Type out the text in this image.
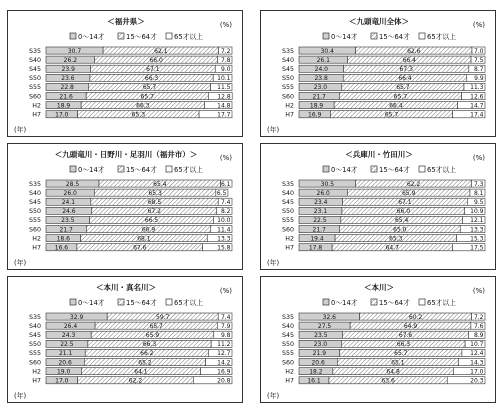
＜福井県＞	(%)
0～14才	15～64才	65才以上
S35	30.7	62.1	7.2
S40	26.2	66.0	7.8
S45	23.9	67.1	9.0
S50	23.6	66.3	10.1
S55	22.8	65.7	11.5
S60	21.6	65.7	12.8
H2	18.9	66.3	14.8
H7 17.0	65.3	17.7
(年)
＜九頭竜川全体＞	(%)
0～14才	15～64才	65才以上
S35	30.4	62.6	7.0
S40	26.1	66.4	7.5
S45	24.0	67.3	8.7
S50	23.8	66.4	9.9
S55	23.0	65.7	11.3
S60	21.7	65.7	12.6
H2	18.9	66.4	14.7
H7 16.9	65.7	17.4
(年)
＜九頭竜川・日野川・足羽川（福井市）＞	(%)
0～14才	15～64才	65才以上
S35	28.5	65.4	6.1
S40	26.0	65.3	6.5
S45	24.1	68.5	7.4
S50	24.6	67.2	8.2
S55	23.5	66.5	10.0
S60	21.7	66.9	11.4
H2	18.6	68.1	13.3
H7 16.6	67.6	15.8
(年)
＜兵庫川・竹田川＞	(%)
0～14才	15～64才	65才以上
S35	30.5	62.2	7.3
S40	26.0	65.9	8.1
S45	23.4	67.1	9.5
S50	23.1	66.0	10.9
S55	22.5	65.4	12.1
S60	21.7	65.0	13.3
H2	19.4	65.3	15.3
H7 17.8	64.7	17.5
(年)
＜本川・真名川＞	(%)
0～14才	15～64才	65才以上
S35	32.9	59.7	7.4
S40	26.4	65.7	7.9
S45	24.3	65.9	9.8
S50	22.5	66.3	11.2
S55	21.1	66.2	12.7
S60	20.6	65.2	14.2
H2	19.0	64.1	16.9
H7 17.0	62.2	20.8
(年)
＜本川＞	(%)
0～14才	15～64才	65才以上
S35	32.6	60.2	7.2
S40	27.5	64.9	7.6
S45	23.5	67.6	8.9
S50	23.0	66.3	10.7
S55	21.9	65.7	12.4
S60	20.6	65.1	14.3
H2	18.2	64.8	17.0
H7 16.1	63.6	20.3
(年)
